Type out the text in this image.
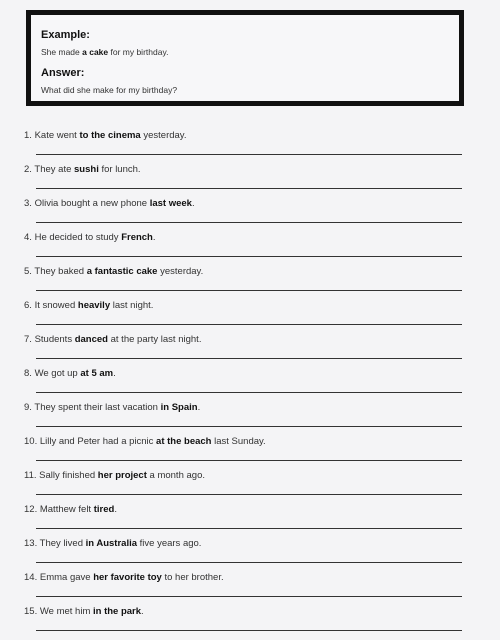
Example:
She made a cake for my birthday.
Answer:
What did she make for my birthday?
1. Kate went to the cinema yesterday.
2. They ate sushi for lunch.
3. Olivia bought a new phone last week.
4. He decided to study French.
5. They baked a fantastic cake yesterday.
6. It snowed heavily last night.
7. Students danced at the party last night.
8. We got up at 5 am.
9. They spent their last vacation in Spain.
10. Lilly and Peter had a picnic at the beach last Sunday.
11. Sally finished her project a month ago.
12. Matthew felt tired.
13. They lived in Australia five years ago.
14. Emma gave her favorite toy to her brother.
15. We met him in the park.
